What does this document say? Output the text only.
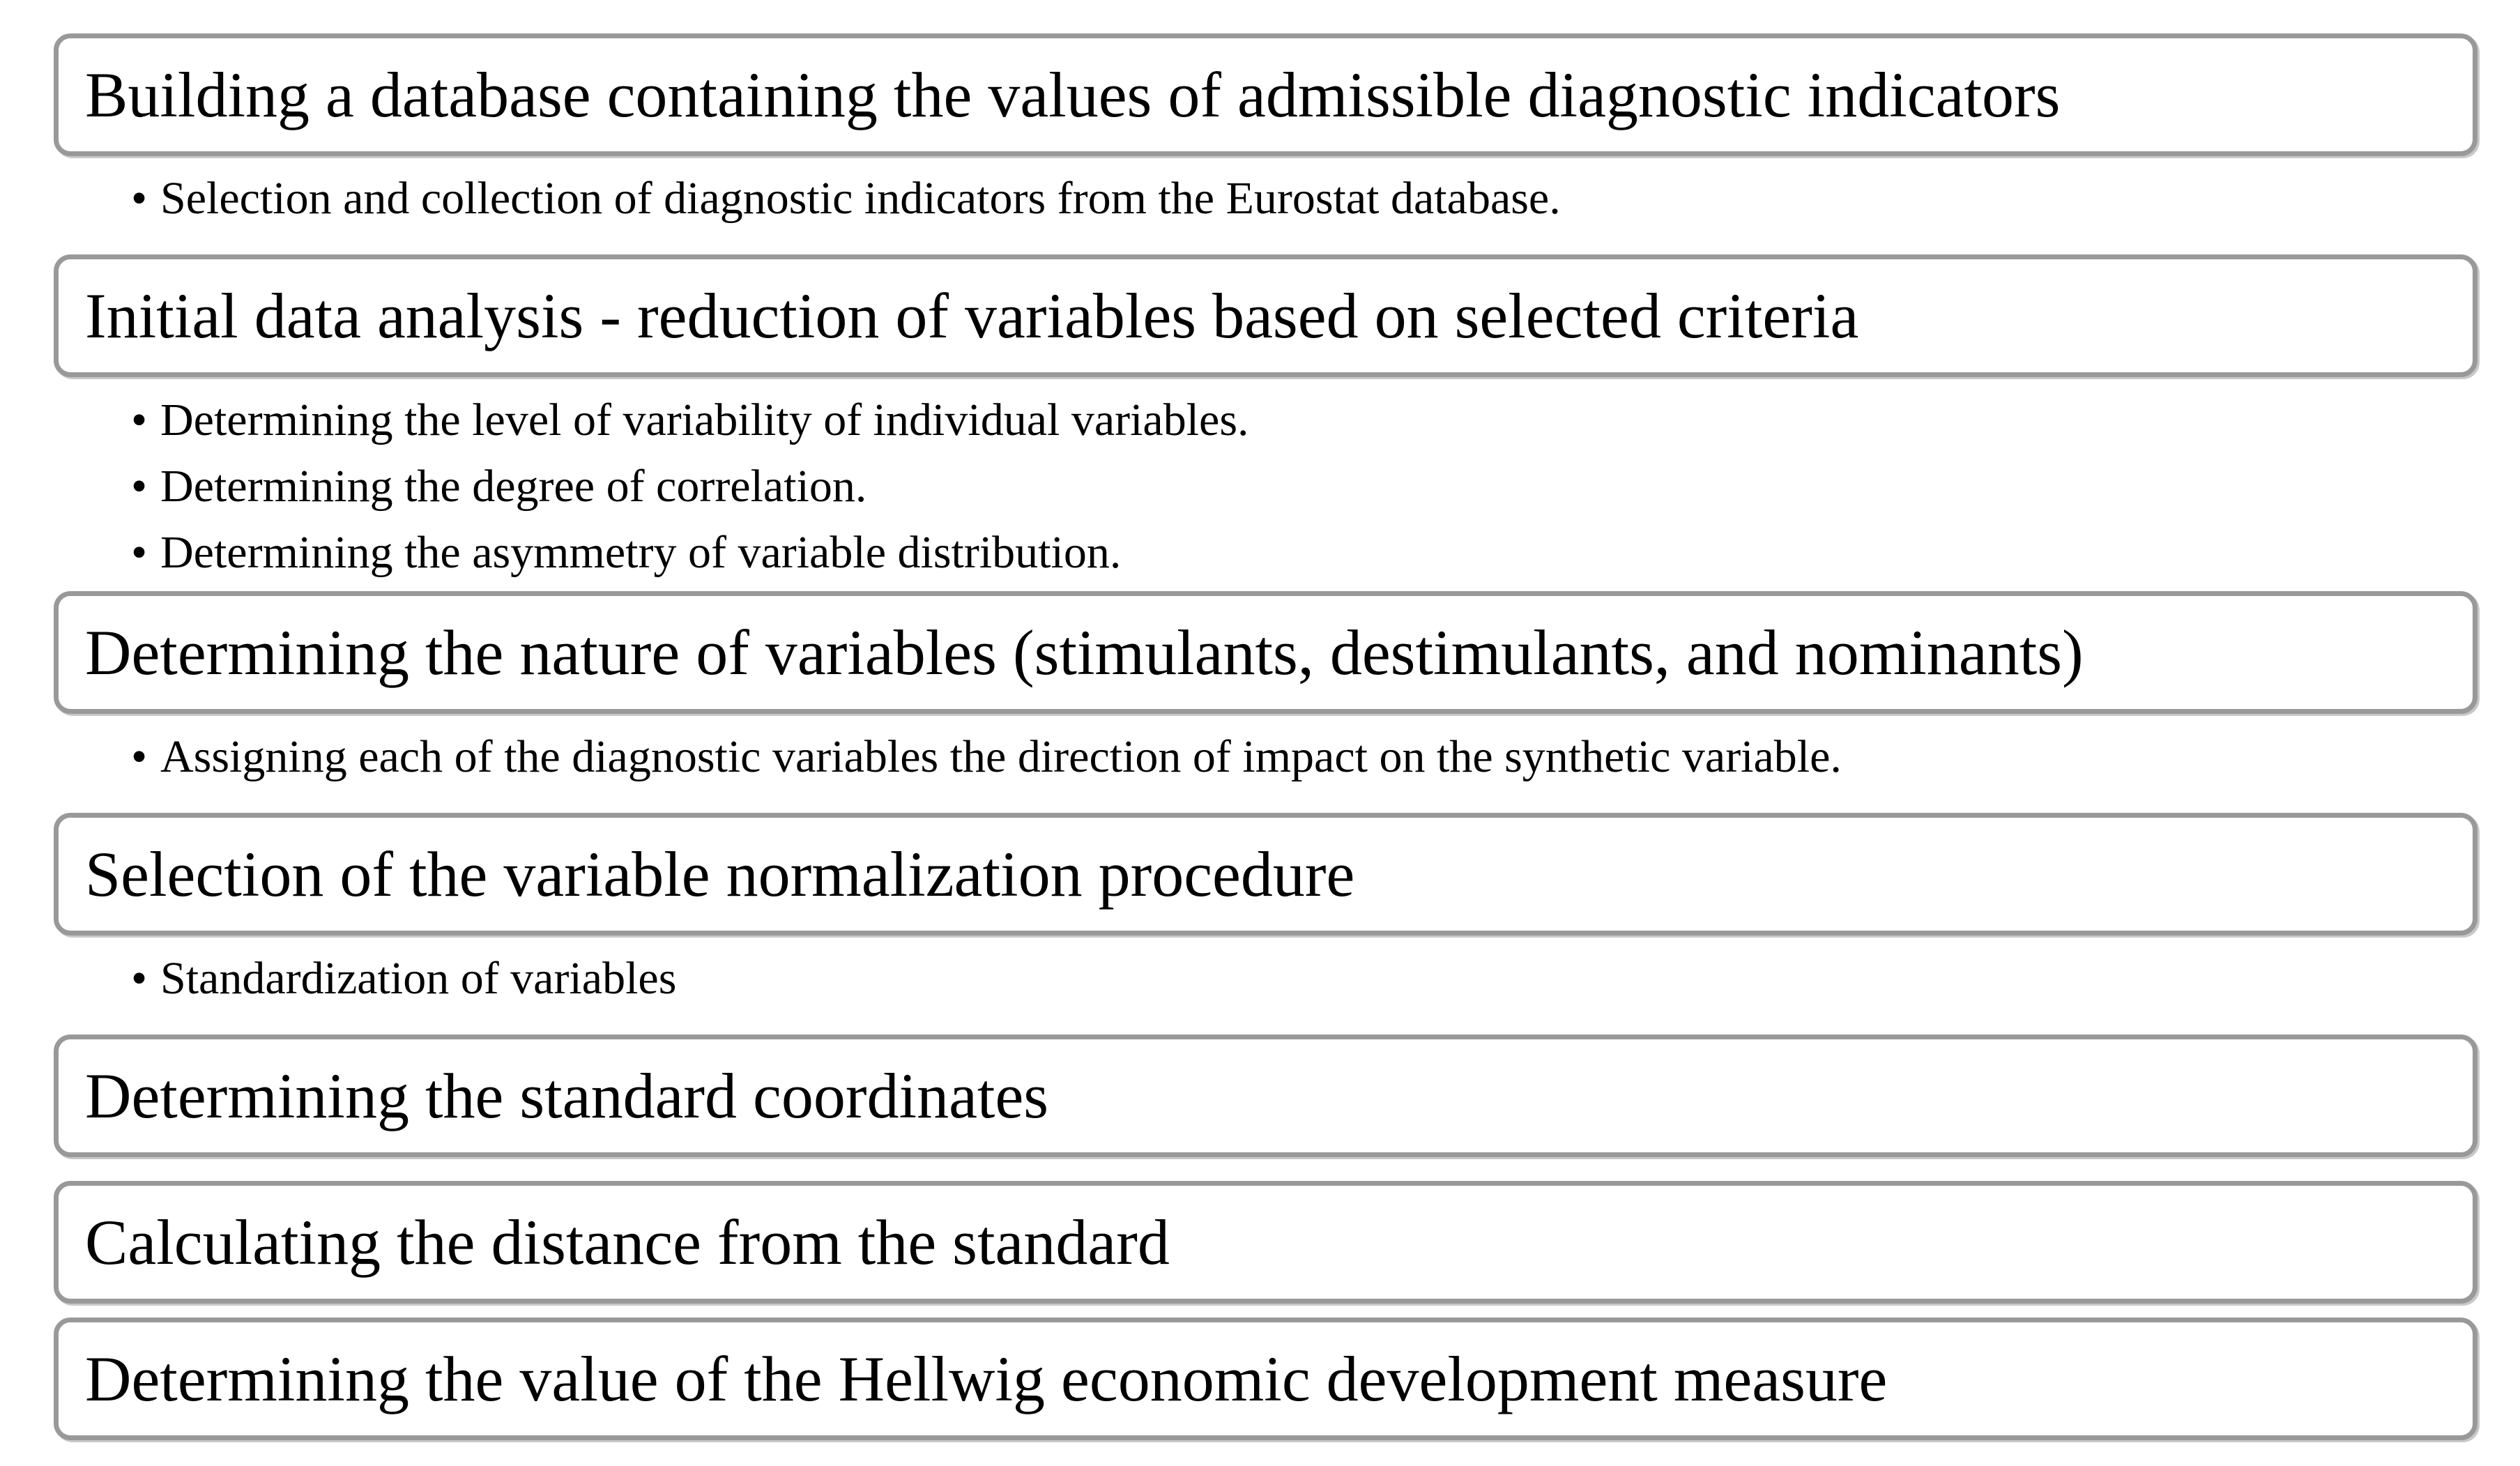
Building a database containing the values of admissible diagnostic indicators
• Selection and collection of diagnostic indicators from the Eurostat database.
Initial data analysis - reduction of variables based on selected criteria
• Determining the level of variability of individual variables.
• Determining the degree of correlation.
• Determining the asymmetry of variable distribution.
Determining the nature of variables (stimulants, destimulants, and nominants)
• Assigning each of the diagnostic variables the direction of impact on the synthetic variable.
Selection of the variable normalization procedure
• Standardization of variables
Determining the standard coordinates
Calculating the distance from the standard
Determining the value of the Hellwig economic development measure
